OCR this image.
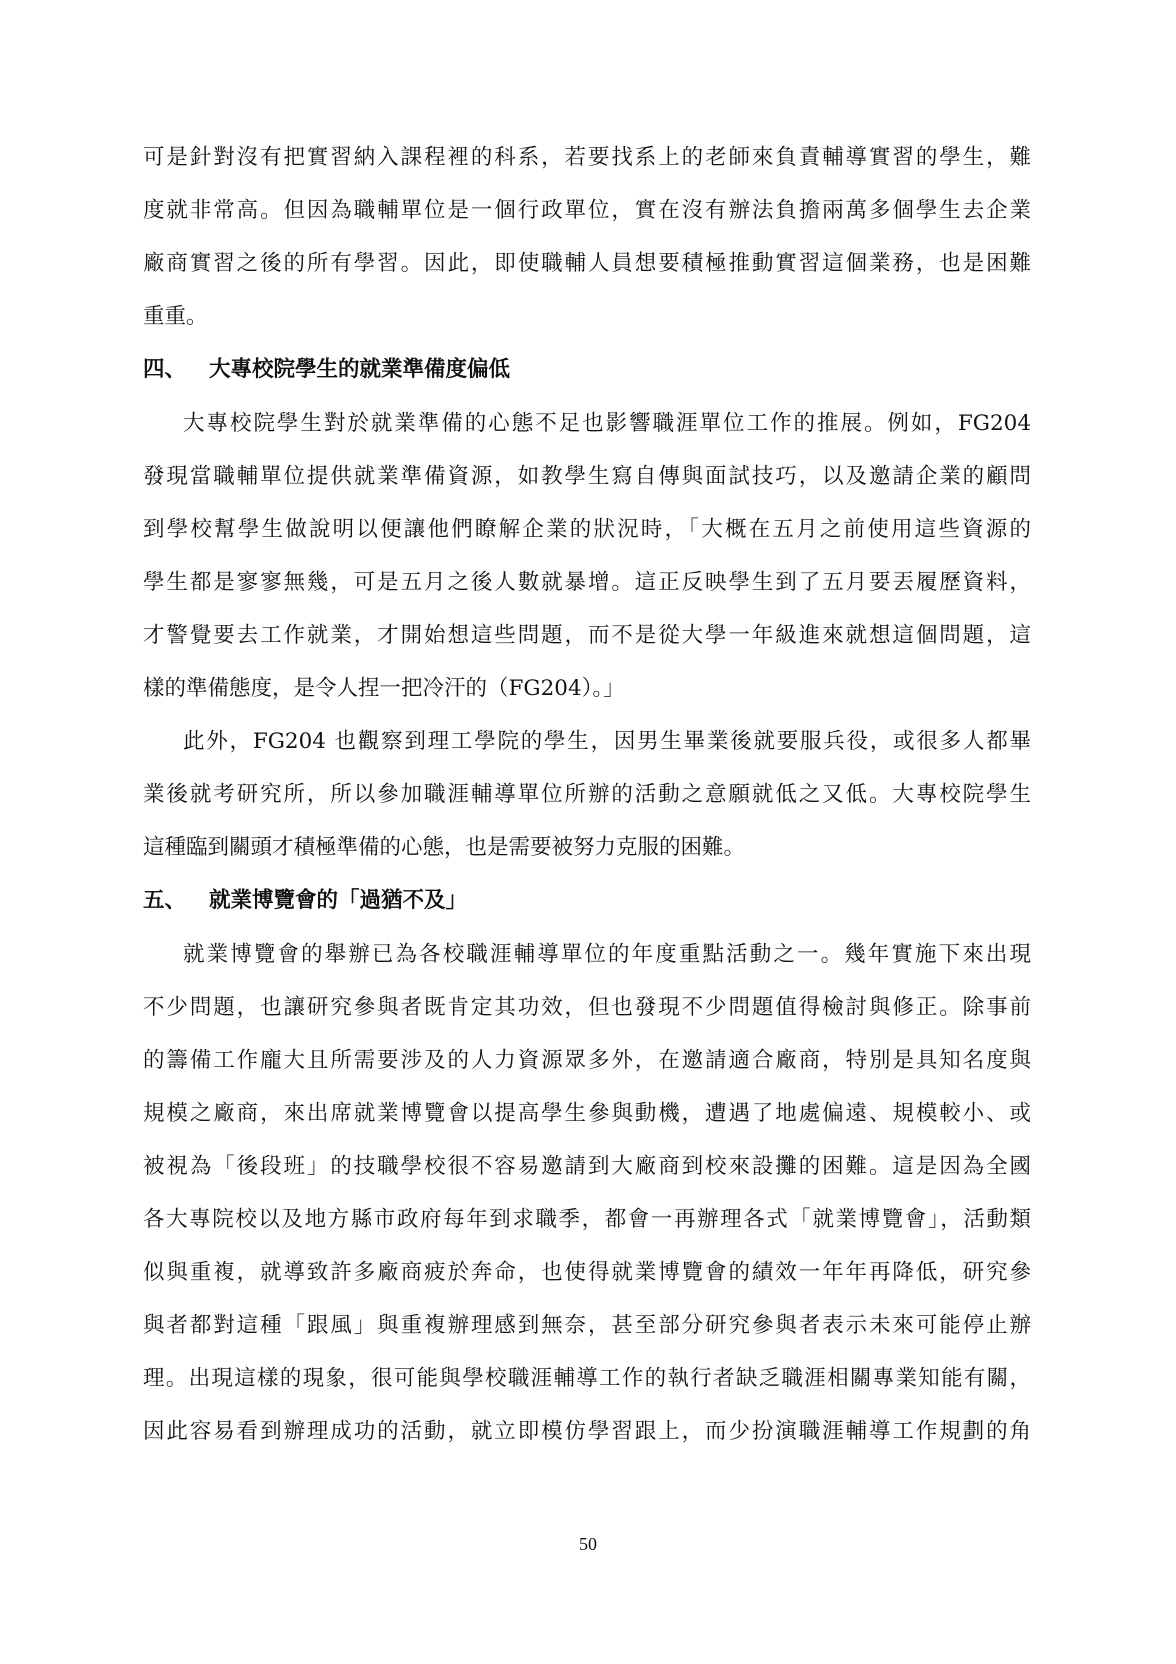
可是針對沒有把實習納入課程裡的科系，若要找系上的老師來負責輔導實習的學生，難
度就非常高。但因為職輔單位是一個行政單位，實在沒有辦法負擔兩萬多個學生去企業
廠商實習之後的所有學習。因此，即使職輔人員想要積極推動實習這個業務，也是困難
重重。
四、 大專校院學生的就業準備度偏低
大專校院學生對於就業準備的心態不足也影響職涯單位工作的推展。例如，FG204
發現當職輔單位提供就業準備資源，如教學生寫自傳與面試技巧，以及邀請企業的顧問
到學校幫學生做說明以便讓他們瞭解企業的狀況時，「大概在五月之前使用這些資源的
學生都是寥寥無幾，可是五月之後人數就暴增。這正反映學生到了五月要丟履歷資料，
才警覺要去工作就業，才開始想這些問題，而不是從大學一年級進來就想這個問題，這
樣的準備態度，是令人捏一把冷汗的（FG204）。」
此外，FG204 也觀察到理工學院的學生，因男生畢業後就要服兵役，或很多人都畢
業後就考研究所，所以參加職涯輔導單位所辦的活動之意願就低之又低。大專校院學生
這種臨到關頭才積極準備的心態，也是需要被努力克服的困難。
五、 就業博覽會的「過猶不及」
就業博覽會的舉辦已為各校職涯輔導單位的年度重點活動之一。幾年實施下來出現
不少問題，也讓研究參與者既肯定其功效，但也發現不少問題值得檢討與修正。除事前
的籌備工作龐大且所需要涉及的人力資源眾多外，在邀請適合廠商，特別是具知名度與
規模之廠商，來出席就業博覽會以提高學生參與動機，遭遇了地處偏遠、規模較小、或
被視為「後段班」的技職學校很不容易邀請到大廠商到校來設攤的困難。這是因為全國
各大專院校以及地方縣市政府每年到求職季，都會一再辦理各式「就業博覽會」，活動類
似與重複，就導致許多廠商疲於奔命，也使得就業博覽會的績效一年年再降低，研究參
與者都對這種「跟風」與重複辦理感到無奈，甚至部分研究參與者表示未來可能停止辦
理。出現這樣的現象，很可能與學校職涯輔導工作的執行者缺乏職涯相關專業知能有關，
因此容易看到辦理成功的活動，就立即模仿學習跟上，而少扮演職涯輔導工作規劃的角
50
